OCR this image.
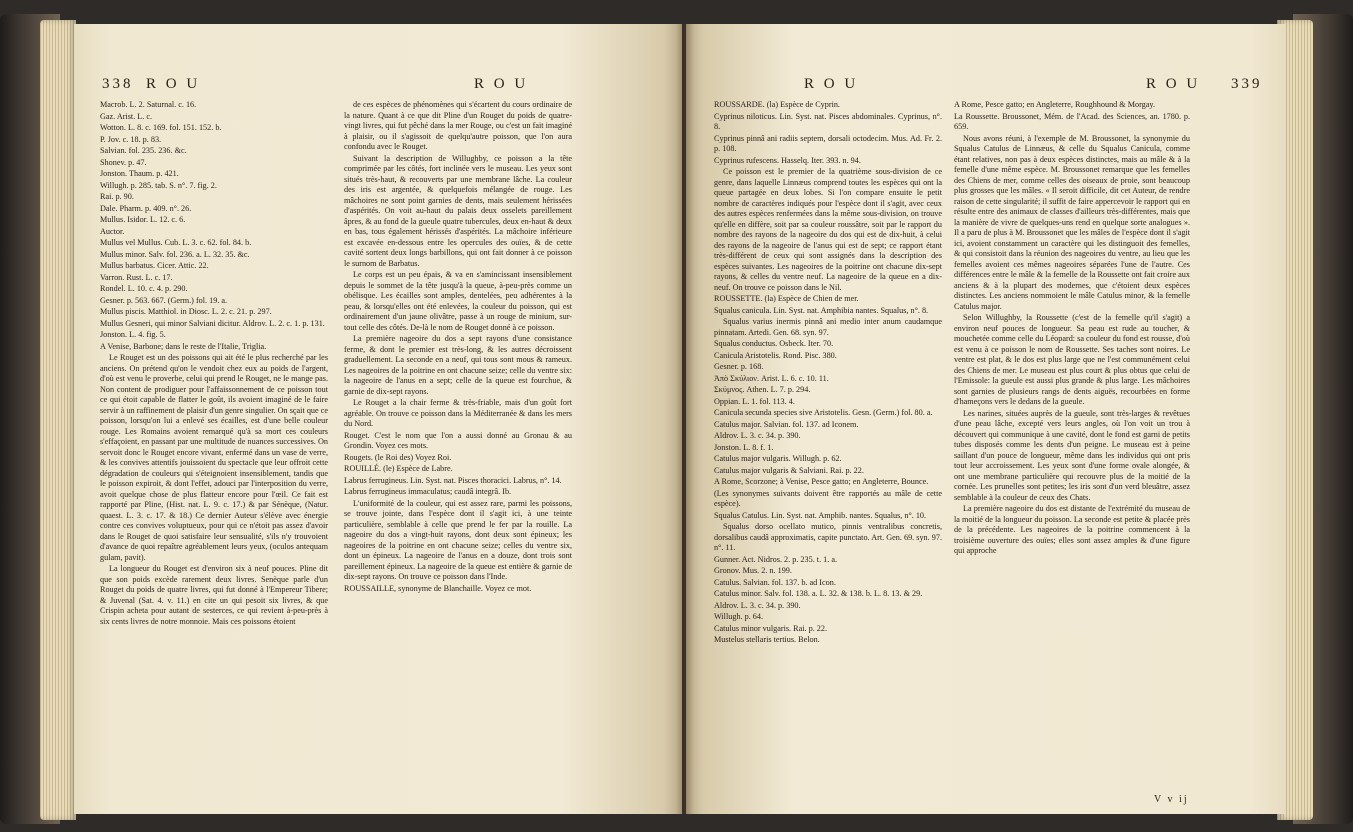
338 R O U	R O U

Macrob. L. 2. Saturnal. c. 16.

Gaz. Arist. L. c.

Wotton. L. 8. c. 169. fol. 151. 152. b.

P. Jov. c. 18. p. 83.

Salvian. fol. 235. 236. &c.

Shonev. p. 47.

Jonston. Thaum. p. 421.

Willugh. p. 285. tab. S. n°. 7. fig. 2.

Rai. p. 90.

Dale. Pharm. p. 409. n°. 26.

Mullus. Isidor. L. 12. c. 6.

Auctor.

Mullus vel Mullus. Cub. L. 3. c. 62. fol. 84. b.

Mullus minor. Salv. fol. 236. a. L. 32. 35. &c.

Mullus barbatus. Cicer. Attic. 22.

Varron. Rust. L. c. 17.

Rondel. L. 10. c. 4. p. 290.

Gesner. p. 563. 667. (Germ.) fol. 19. a.

Mullus piscis. Matthiol. in Diosc. L. 2. c. 21. p. 297.

Mullus Gesneri, qui minor Salviani dicitur. Aldrov. L. 2. c. 1. p. 131.

Jonston. L. 4. fig. 5.

A Venise, Barbone; dans le reste de l'Italie, Triglia.

Le Rouget est un des poissons qui ait été le plus recherché par les anciens. On prétend qu'on le vendoit chez eux au poids de l'argent, d'où est venu le proverbe, celui qui prend le Rouget, ne le mange pas. Non content de prodiguer pour l'affaissonnement de ce poisson tout ce qui étoit capable de flatter le goût, ils avoient imaginé de le faire servir à un raffinement de plaisir d'un genre singulier. On sçait que ce poisson, lorsqu'on lui a enlevé ses écailles, est d'une belle couleur rouge. Les Romains avoient remarqué qu'à sa mort ces couleurs s'effaçoient, en passant par une multitude de nuances successives. On servoit donc le Rouget encore vivant, enfermé dans un vase de verre, & les convives attentifs jouissoient du spectacle que leur offroit cette dégradation de couleurs qui s'éteignoient insensiblement, tandis que le poisson expiroit, & dont l'effet, adouci par l'interposition du verre, avoit quelque chose de plus flatteur encore pour l'œil. Ce fait est rapporté par Pline, (Hist. nat. L. 9. c. 17.) & par Sénèque, (Natur. quaest. L. 3. c. 17. & 18.) Ce dernier Auteur s'élève avec énergie contre ces convives voluptueux, pour qui ce n'étoit pas assez d'avoir dans le Rouget de quoi satisfaire leur sensualité, s'ils n'y trouvoient d'avance de quoi repaître agréablement leurs yeux, (oculos antequam gulam, pavit).

La longueur du Rouget est d'environ six à neuf pouces. Pline dit que son poids excède rarement deux livres. Senèque parle d'un Rouget du poids de quatre livres, qui fut donné à l'Empereur Tibere; & Juvenal (Sat. 4. v. 11.) en cite un qui pesoit six livres, & que Crispin acheta pour autant de sesterces, ce qui revient à-peu-près à six cents livres de notre monnoie. Mais ces poissons étoient

de ces espèces de phénomènes qui s'écartent du cours ordinaire de la nature. Quant à ce que dit Pline d'un Rouget du poids de quatre-vingt livres, qui fut pêché dans la mer Rouge, ou c'est un fait imaginé à plaisir, ou il s'agissoit de quelqu'autre poisson, que l'on aura confondu avec le Rouget.

Suivant la description de Willughby, ce poisson a la tête comprimée par les côtés, fort inclinée vers le museau. Les yeux sont situés très-haut, & recouverts par une membrane lâche. La couleur des iris est argentée, & quelquefois mélangée de rouge. Les mâchoires ne sont point garnies de dents, mais seulement hérissées d'aspérités. On voit au-haut du palais deux osselets pareillement âpres, & au fond de la gueule quatre tubercules, deux en-haut & deux en bas, tous également hérissés d'aspérités. La mâchoire inférieure est excavée en-dessous entre les opercules des ouïes, & de cette cavité sortent deux longs barbillons, qui ont fait donner à ce poisson le surnom de Barbatus.

Le corps est un peu épais, & va en s'amincissant insensiblement depuis le sommet de la tête jusqu'à la queue, à-peu-près comme un obélisque. Les écailles sont amples, dentelées, peu adhérentes à la peau, & lorsqu'elles ont été enlevées, la couleur du poisson, qui est ordinairement d'un jaune olivâtre, passe à un rouge de minium, sur-tout celle des côtés. De-là le nom de Rouget donné à ce poisson.

La première nageoire du dos a sept rayons d'une consistance ferme, & dont le premier est très-long, & les autres décroissent graduellement. La seconde en a neuf, qui tous sont mous & rameux. Les nageoires de la poitrine en ont chacune seize; celle du ventre six: la nageoire de l'anus en a sept; celle de la queue est fourchue, & garnie de dix-sept rayons.

Le Rouget a la chair ferme & très-friable, mais d'un goût fort agréable. On trouve ce poisson dans la Méditerranée & dans les mers du Nord.

Rouget. C'est le nom que l'on a aussi donné au Gronau & au Grondin. Voyez ces mots.

Rougets. (le Roi des) Voyez Roi.

ROUILLÉ. (le) Espèce de Labre.

Labrus ferrugineus. Lin. Syst. nat. Pisces thoracici. Labrus, n°. 14.

Labrus ferrugineus immaculatus; caudâ integrâ. Ib.

L'uniformité de la couleur, qui est assez rare, parmi les poissons, se trouve jointe, dans l'espèce dont il s'agit ici, à une teinte particulière, semblable à celle que prend le fer par la rouille. La nageoire du dos a vingt-huit rayons, dont deux sont épineux; les nageoires de la poitrine en ont chacune seize; celles du ventre six, dont un épineux. La nageoire de l'anus en a douze, dont trois sont pareillement épineux. La nageoire de la queue est entière & garnie de dix-sept rayons. On trouve ce poisson dans l'Inde.

ROUSSAILLE, synonyme de Blanchaille. Voyez ce mot.

R O U	R O U 339

ROUSSARDE. (la) Espèce de Cyprin.

Cyprinus niloticus. Lin. Syst. nat. Pisces abdominales. Cyprinus, n°. 8.

Cyprinus pinnâ ani radiis septem, dorsali octodecim. Mus. Ad. Fr. 2. p. 108.

Cyprinus rufescens. Hasselq. Iter. 393. n. 94.

Ce poisson est le premier de la quatrième sous-division de ce genre, dans laquelle Linnæus comprend toutes les espèces qui ont la queue partagée en deux lobes. Si l'on compare ensuite le petit nombre de caractères indiqués pour l'espèce dont il s'agit, avec ceux des autres espèces renfermées dans la même sous-division, on trouve qu'elle en diffère, soit par sa couleur roussâtre, soit par le rapport du nombre des rayons de la nageoire du dos qui est de dix-huit, à celui des rayons de la nageoire de l'anus qui est de sept; ce rapport étant très-différent de ceux qui sont assignés dans la description des espèces suivantes. Les nageoires de la poitrine ont chacune dix-sept rayons, & celles du ventre neuf. La nageoire de la queue en a dix-neuf. On trouve ce poisson dans le Nil.

ROUSSETTE. (la) Espèce de Chien de mer.

Squalus canicula. Lin. Syst. nat. Amphibia nantes. Squalus, n°. 8.

Squalus varius inermis pinnâ ani medio inter anum caudamque pinnatam. Artedi. Gen. 68. syn. 97.

Squalus conductus. Osbeck. Iter. 70.

Canicula Aristotelis. Rond. Pisc. 380.

Gesner. p. 168.

Ἀπὸ Σκύλιον. Arist. L. 6. c. 10. 11.

Σκύμνος. Athen. L. 7. p. 294.

Oppian. L. 1. fol. 113. 4.

Canicula secunda species sive Aristotelis. Gesn. (Germ.) fol. 80. a.

Catulus major. Salvian. fol. 137. ad Iconem.

Aldrov. L. 3. c. 34. p. 390.

Jonston. L. 8. f. 1.

Catulus major vulgaris. Willugh. p. 62.

Catulus major vulgaris & Salviani. Rai. p. 22.

A Rome, Scorzone; à Venise, Pesce gatto; en Angleterre, Bounce.

(Les synonymes suivants doivent être rapportés au mâle de cette espèce).

Squalus Catulus. Lin. Syst. nat. Amphib. nantes. Squalus, n°. 10.

Squalus dorso ocellato mutico, pinnis ventralibus concretis, dorsalibus caudâ approximatis, capite punctato. Art. Gen. 69. syn. 97. n°. 11.

Gunner. Act. Nidros. 2. p. 235. t. 1. a.

Gronov. Mus. 2. n. 199.

Catulus. Salvian. fol. 137. b. ad Icon.

Catulus minor. Salv. fol. 138. a. L. 32. & 138. b. L. 8. 13. & 29.

Aldrov. L. 3. c. 34. p. 390.

Willugh. p. 64.

Catulus minor vulgaris. Rai. p. 22.

Mustelus stellaris tertius. Belon.

A Rome, Pesce gatto; en Angleterre, Roughhound & Morgay.

La Roussette. Broussonet, Mém. de l'Acad. des Sciences, an. 1780. p. 659.

Nous avons réuni, à l'exemple de M. Broussonet, la synonymie du Squalus Catulus de Linnæus, & celle du Squalus Canicula, comme étant relatives, non pas à deux espèces distinctes, mais au mâle & à la femelle d'une même espèce. M. Broussonet remarque que les femelles des Chiens de mer, comme celles des oiseaux de proie, sont beaucoup plus grosses que les mâles. « Il seroit difficile, dit cet Auteur, de rendre raison de cette singularité; il suffit de faire appercevoir le rapport qui en résulte entre des animaux de classes d'ailleurs très-différentes, mais que la manière de vivre de quelques-uns rend en quelque sorte analogues ». Il a paru de plus à M. Broussonet que les mâles de l'espèce dont il s'agit ici, avoient constamment un caractère qui les distinguoit des femelles, & qui consistoit dans la réunion des nageoires du ventre, au lieu que les femelles avoient ces mêmes nageoires séparées l'une de l'autre. Ces différences entre le mâle & la femelle de la Roussette ont fait croire aux anciens & à la plupart des modernes, que c'étoient deux espèces distinctes. Les anciens nommoient le mâle Catulus minor, & la femelle Catulus major.

Selon Willughby, la Roussette (c'est de la femelle qu'il s'agit) a environ neuf pouces de longueur. Sa peau est rude au toucher, & mouchetée comme celle du Léopard: sa couleur du fond est rousse, d'où est venu à ce poisson le nom de Roussette. Ses taches sont noires. Le ventre est plat, & le dos est plus large que ne l'est communément celui des Chiens de mer. Le museau est plus court & plus obtus que celui de l'Emissole: la gueule est aussi plus grande & plus large. Les mâchoires sont garnies de plusieurs rangs de dents aiguës, recourbées en forme d'hameçons vers le dedans de la gueule.

Les narines, situées auprès de la gueule, sont très-larges & revêtues d'une peau lâche, excepté vers leurs angles, où l'on voit un trou à découvert qui communique à une cavité, dont le fond est garni de petits tubes disposés comme les dents d'un peigne. Le museau est à peine saillant d'un pouce de longueur, même dans les individus qui ont pris tout leur accroissement. Les yeux sont d'une forme ovale alongée, & ont une membrane particulière qui recouvre plus de la moitié de la cornée. Les prunelles sont petites; les iris sont d'un verd bleuâtre, assez semblable à la couleur de ceux des Chats.

La première nageoire du dos est distante de l'extrémité du museau de la moitié de la longueur du poisson. La seconde est petite & placée près de la précédente. Les nageoires de la poitrine commencent à la troisième ouverture des ouïes; elles sont assez amples & d'une figure qui approche

V v ij
